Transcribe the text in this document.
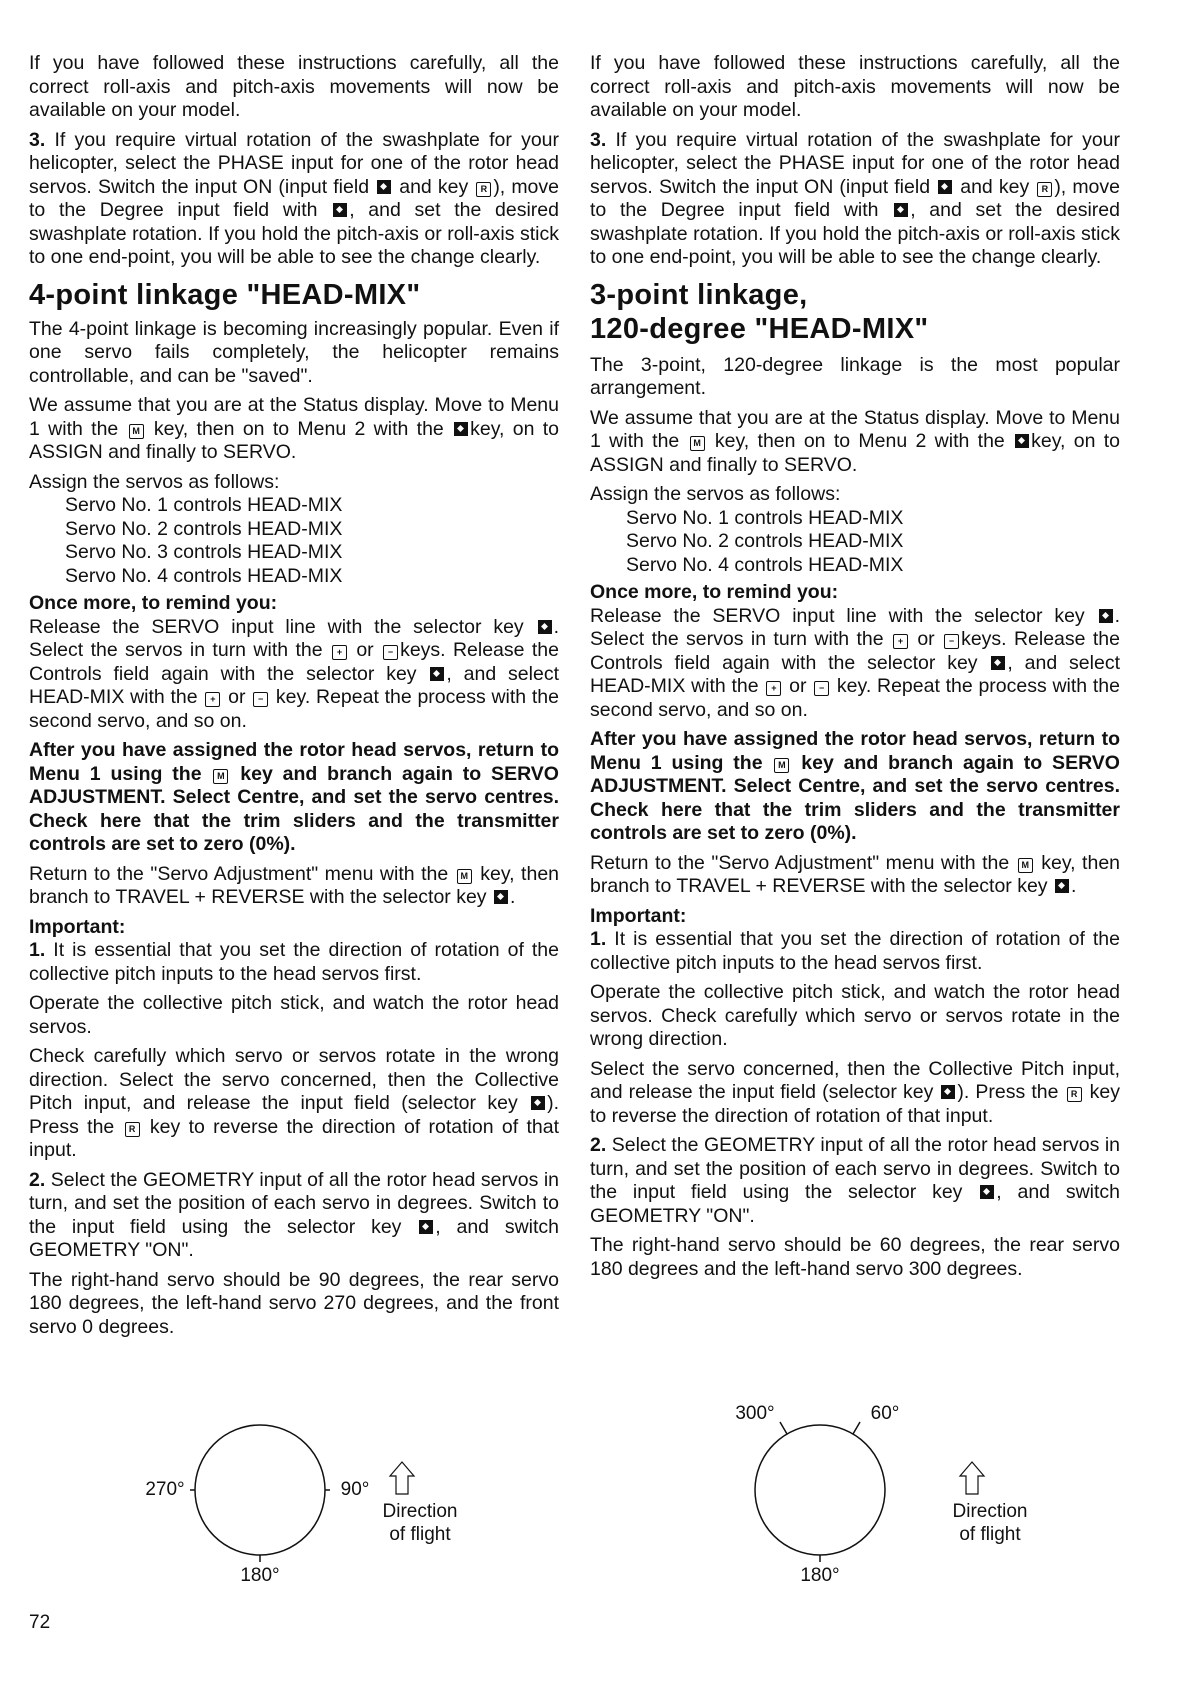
If you have followed these instructions carefully, all the correct roll-axis and pitch-axis movements will now be available on your model.

3. If you require virtual rotation of the swashplate for your helicopter, select the PHASE input for one of the rotor head servos. Switch the input ON (input field  and key R ), move to the Degree input field with , and set the desired swashplate rotation. If you hold the pitch-axis or roll-axis stick to one end-point, you will be able to see the change clearly.

4-point linkage "HEAD-MIX"

The 4-point linkage is becoming increasingly popular. Even if one servo fails completely, the helicopter remains controllable, and can be "saved".

We assume that you are at the Status display. Move to Menu 1 with the M key, then on to Menu 2 with the key, on to ASSIGN and finally to SERVO.

Assign the servos as follows:

Servo No. 1 controls HEAD-MIX
Servo No. 2 controls HEAD-MIX
Servo No. 3 controls HEAD-MIX
Servo No. 4 controls HEAD-MIX
Once more, to remind you:

Release the SERVO input line with the selector key . Select the servos in turn with the + or − keys. Release the Controls field again with the selector key , and select HEAD-MIX with the + or − key. Repeat the process with the second servo, and so on.

After you have assigned the rotor head servos, return to Menu 1 using the M key and branch again to SERVO ADJUSTMENT. Select Centre, and set the servo centres. Check here that the trim sliders and the transmitter controls are set to zero (0%).

Return to the "Servo Adjustment" menu with the M key, then branch to TRAVEL + REVERSE with the selector key .

Important:

1. It is essential that you set the direction of rotation of the collective pitch inputs to the head servos first.

Operate the collective pitch stick, and watch the rotor head servos.

Check carefully which servo or servos rotate in the wrong direction. Select the servo concerned, then the Collective Pitch input, and release the input field (selector key ). Press the R key to reverse the direction of rotation of that input.

2. Select the GEOMETRY input of all the rotor head servos in turn, and set the position of each servo in degrees. Switch to the input field using the selector key , and switch GEOMETRY "ON".

The right-hand servo should be 90 degrees, the rear servo 180 degrees, the left-hand servo 270 degrees, and the front servo 0 degrees.

If you have followed these instructions carefully, all the correct roll-axis and pitch-axis movements will now be available on your model.

3. If you require virtual rotation of the swashplate for your helicopter, select the PHASE input for one of the rotor head servos. Switch the input ON (input field  and key R ), move to the Degree input field with , and set the desired swashplate rotation. If you hold the pitch-axis or roll-axis stick to one end-point, you will be able to see the change clearly.

3-point linkage,
120-degree "HEAD-MIX"

The 3-point, 120-degree linkage is the most popular arrangement.

We assume that you are at the Status display. Move to Menu 1 with the M key, then on to Menu 2 with the key, on to ASSIGN and finally to SERVO.

Assign the servos as follows:

Servo No. 1 controls HEAD-MIX
Servo No. 2 controls HEAD-MIX
Servo No. 4 controls HEAD-MIX
Once more, to remind you:

Release the SERVO input line with the selector key . Select the servos in turn with the + or − keys. Release the Controls field again with the selector key , and select HEAD-MIX with the + or − key. Repeat the process with the second servo, and so on.

After you have assigned the rotor head servos, return to Menu 1 using the M key and branch again to SERVO ADJUSTMENT. Select Centre, and set the servo centres. Check here that the trim sliders and the transmitter controls are set to zero (0%).

Return to the "Servo Adjustment" menu with the M key, then branch to TRAVEL + REVERSE with the selector key .

Important:

1. It is essential that you set the direction of rotation of the collective pitch inputs to the head servos first.

Operate the collective pitch stick, and watch the rotor head servos. Check carefully which servo or servos rotate in the wrong direction.

Select the servo concerned, then the Collective Pitch input, and release the input field (selector key ). Press the R key to reverse the direction of rotation of that input.

2. Select the GEOMETRY input of all the rotor head servos in turn, and set the position of each servo in degrees. Switch to the input field using the selector key , and switch GEOMETRY "ON".

The right-hand servo should be 60 degrees, the rear servo 180 degrees and the left-hand servo 300 degrees.

270°	90°
180°
Direction
of flight
300°	60°
180°
Direction
of flight
72
